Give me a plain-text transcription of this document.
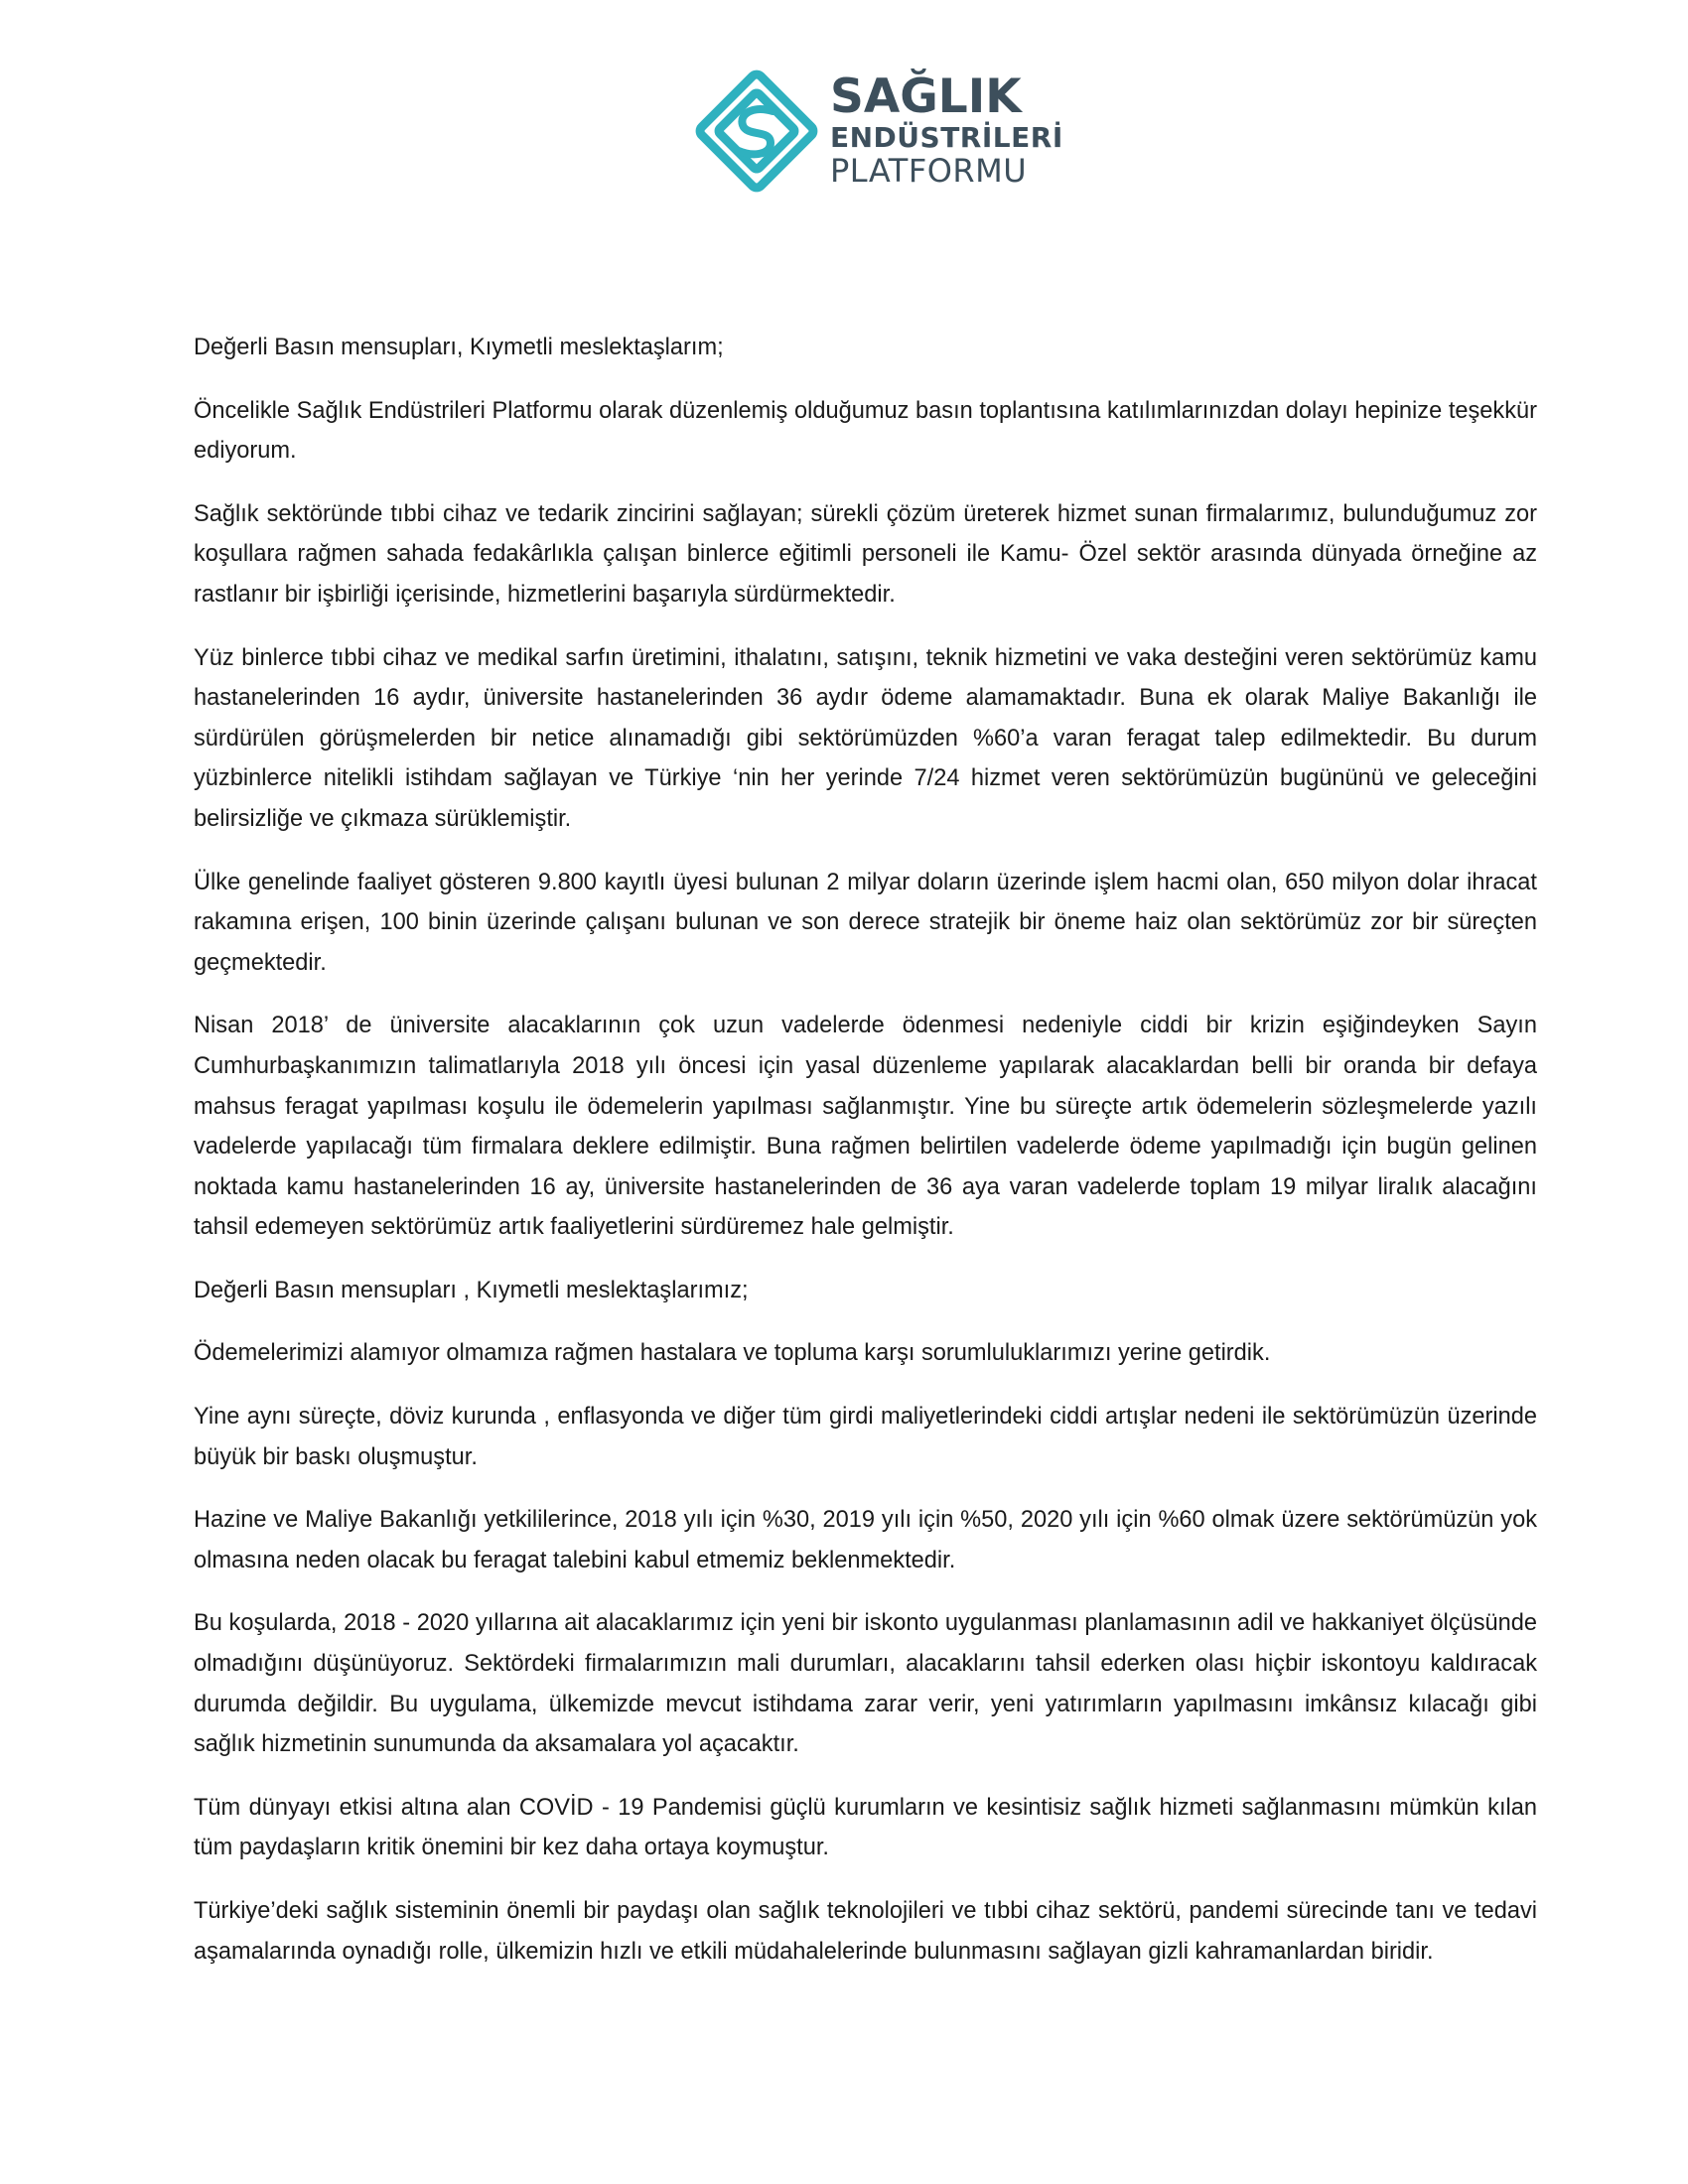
SAĞLIK
ENDÜSTRİLERİ
PLATFORMU

Değerli Basın mensupları, Kıymetli meslektaşlarım;

Öncelikle Sağlık Endüstrileri Platformu olarak düzenlemiş olduğumuz basın toplantısına katılımlarınızdan dolayı hepinize teşekkür ediyorum.

Sağlık sektöründe tıbbi cihaz ve tedarik zincirini sağlayan; sürekli çözüm üreterek hizmet sunan firmalarımız, bulunduğumuz zor koşullara rağmen sahada fedakârlıkla çalışan binlerce eğitimli personeli ile Kamu- Özel sektör arasında dünyada örneğine az rastlanır bir işbirliği içerisinde, hizmetlerini başarıyla sürdürmektedir.

Yüz binlerce tıbbi cihaz ve medikal sarfın üretimini, ithalatını, satışını, teknik hizmetini ve vaka desteğini veren sektörümüz kamu hastanelerinden 16 aydır, üniversite hastanelerinden 36 aydır ödeme alamamaktadır. Buna ek olarak Maliye Bakanlığı ile sürdürülen görüşmelerden bir netice alınamadığı gibi sektörümüzden %60’a varan feragat talep edilmektedir. Bu durum yüzbinlerce nitelikli istihdam sağlayan ve Türkiye ‘nin her yerinde 7/24 hizmet veren sektörümüzün bugününü ve geleceğini belirsizliğe ve çıkmaza sürüklemiştir.

Ülke genelinde faaliyet gösteren 9.800 kayıtlı üyesi bulunan 2 milyar doların üzerinde işlem hacmi olan, 650 milyon dolar ihracat rakamına erişen, 100 binin üzerinde çalışanı bulunan ve son derece stratejik bir öneme haiz olan sektörümüz zor bir süreçten geçmektedir.

Nisan 2018’ de üniversite alacaklarının çok uzun vadelerde ödenmesi nedeniyle ciddi bir krizin eşiğindeyken Sayın Cumhurbaşkanımızın talimatlarıyla 2018 yılı öncesi için yasal düzenleme yapılarak alacaklardan belli bir oranda bir defaya mahsus feragat yapılması koşulu ile ödemelerin yapılması sağlanmıştır. Yine bu süreçte artık ödemelerin sözleşmelerde yazılı vadelerde yapılacağı tüm firmalara deklere edilmiştir. Buna rağmen belirtilen vadelerde ödeme yapılmadığı için bugün gelinen noktada kamu hastanelerinden 16 ay, üniversite hastanelerinden de 36 aya varan vadelerde toplam 19 milyar liralık alacağını tahsil edemeyen sektörümüz artık faaliyetlerini sürdüremez hale gelmiştir.

Değerli Basın mensupları , Kıymetli meslektaşlarımız;

Ödemelerimizi alamıyor olmamıza rağmen hastalara ve topluma karşı sorumluluklarımızı yerine getirdik.

Yine aynı süreçte, döviz kurunda , enflasyonda ve diğer tüm girdi maliyetlerindeki ciddi artışlar nedeni ile sektörümüzün üzerinde büyük bir baskı oluşmuştur.

Hazine ve Maliye Bakanlığı yetkililerince, 2018 yılı için %30, 2019 yılı için %50, 2020 yılı için %60 olmak üzere sektörümüzün yok olmasına neden olacak bu feragat talebini kabul etmemiz beklenmektedir.

Bu koşularda, 2018 - 2020 yıllarına ait alacaklarımız için yeni bir iskonto uygulanması planlamasının adil ve hakkaniyet ölçüsünde olmadığını düşünüyoruz. Sektördeki firmalarımızın mali durumları, alacaklarını tahsil ederken olası hiçbir iskontoyu kaldıracak durumda değildir. Bu uygulama, ülkemizde mevcut istihdama zarar verir, yeni yatırımların yapılmasını imkânsız kılacağı gibi sağlık hizmetinin sunumunda da aksamalara yol açacaktır.

Tüm dünyayı etkisi altına alan COVİD - 19 Pandemisi güçlü kurumların ve kesintisiz sağlık hizmeti sağlanmasını mümkün kılan tüm paydaşların kritik önemini bir kez daha ortaya koymuştur.

Türkiye’deki sağlık sisteminin önemli bir paydaşı olan sağlık teknolojileri ve tıbbi cihaz sektörü, pandemi sürecinde tanı ve tedavi aşamalarında oynadığı rolle, ülkemizin hızlı ve etkili müdahalelerinde bulunmasını sağlayan gizli kahramanlardan biridir.
